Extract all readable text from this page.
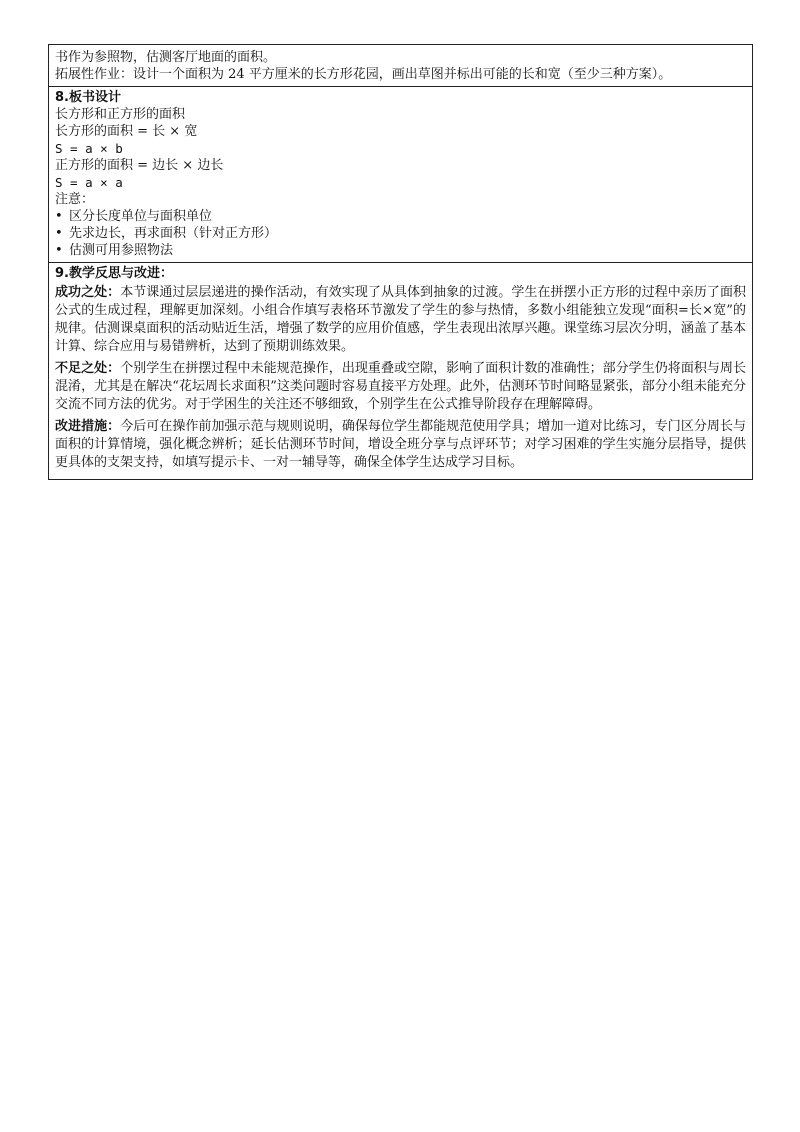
书作为参照物，估测客厅地面的面积。
拓展性作业：设计一个面积为 24 平方厘米的长方形花园，画出草图并标出可能的长和宽（至少三种方案）。
8.板书设计
长方形和正方形的面积
长方形的面积 = 长 × 宽
S = a × b
正方形的面积 = 边长 × 边长
S = a × a
注意：
• 区分长度单位与面积单位
• 先求边长，再求面积（针对正方形）
• 估测可用参照物法
9.教学反思与改进：

成功之处：本节课通过层层递进的操作活动，有效实现了从具体到抽象的过渡。学生在拼摆小正方形的过程中亲历了面积公式的生成过程，理解更加深刻。小组合作填写表格环节激发了学生的参与热情，多数小组能独立发现“面积=长×宽”的规律。估测课桌面积的活动贴近生活，增强了数学的应用价值感，学生表现出浓厚兴趣。课堂练习层次分明，涵盖了基本计算、综合应用与易错辨析，达到了预期训练效果。

不足之处：个别学生在拼摆过程中未能规范操作，出现重叠或空隙，影响了面积计数的准确性；部分学生仍将面积与周长混淆，尤其是在解决“花坛周长求面积”这类问题时容易直接平方处理。此外，估测环节时间略显紧张，部分小组未能充分交流不同方法的优劣。对于学困生的关注还不够细致，个别学生在公式推导阶段存在理解障碍。

改进措施：今后可在操作前加强示范与规则说明，确保每位学生都能规范使用学具；增加一道对比练习，专门区分周长与面积的计算情境，强化概念辨析；延长估测环节时间，增设全班分享与点评环节；对学习困难的学生实施分层指导，提供更具体的支架支持，如填写提示卡、一对一辅导等，确保全体学生达成学习目标。
